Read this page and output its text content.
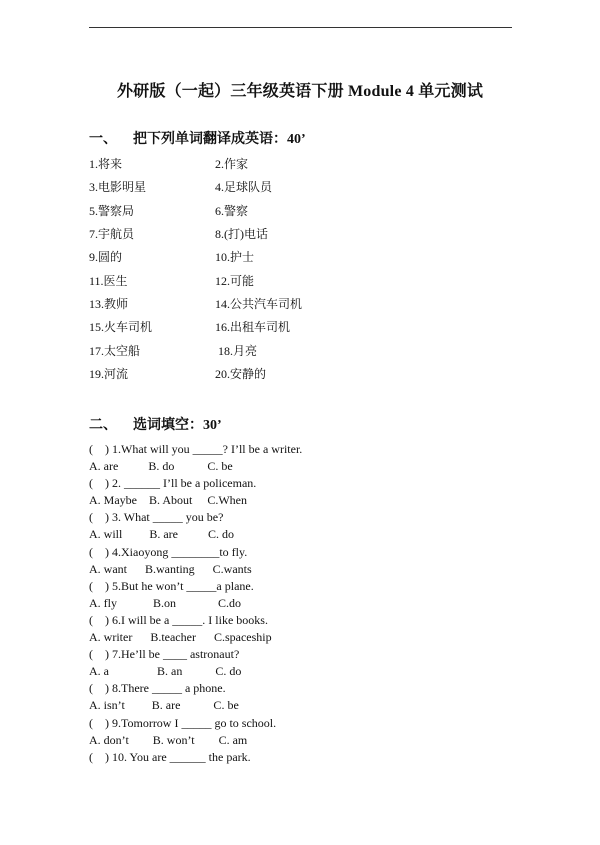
外研版（一起）三年级英语下册 Module 4 单元测试
一、 把下列单词翻译成英语：40’
1.将来	2.作家
3.电影明星	4.足球队员
5.警察局	6.警察
7.宇航员	8.(打)电话
9.圆的	10.护士
11.医生	12.可能
13.教师	14.公共汽车司机
15.火车司机	16.出租车司机
17.太空船	18.月亮
19.河流	20.安静的
二、 选词填空：30’
(    ) 1.What will you _____? I’ll be a writer.
A. are          B. do           C. be
(    ) 2. ______ I’ll be a policeman.
A. Maybe    B. About     C.When
(    ) 3. What _____ you be?
A. will         B. are          C. do
(    ) 4.Xiaoyong ________to fly.
A. want      B.wanting      C.wants
(    ) 5.But he won’t _____a plane.
A. fly            B.on              C.do
(    ) 6.I will be a _____. I like books.
A. writer      B.teacher      C.spaceship
(    ) 7.He’ll be ____ astronaut?
A. a                B. an           C. do
(    ) 8.There _____ a phone.
A. isn’t         B. are           C. be
(    ) 9.Tomorrow I _____ go to school.
A. don’t        B. won’t        C. am
(    ) 10. You are ______ the park.
